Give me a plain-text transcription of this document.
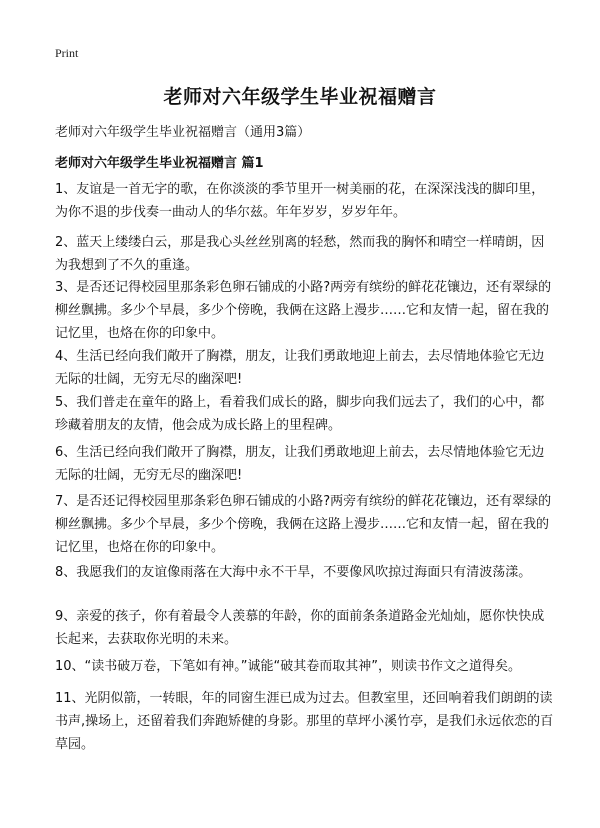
Print
老师对六年级学生毕业祝福赠言
老师对六年级学生毕业祝福赠言（通用3篇）
老师对六年级学生毕业祝福赠言 篇1

1、友谊是一首无字的歌，在你淡淡的季节里开一树美丽的花，在深深浅浅的脚印里，为你不退的步伐奏一曲动人的华尔兹。年年岁岁，岁岁年年。

2、蓝天上缕缕白云，那是我心头丝丝别离的轻愁，然而我的胸怀和晴空一样晴朗，因为我想到了不久的重逢。

3、是否还记得校园里那条彩色卵石铺成的小路?两旁有缤纷的鲜花花镶边，还有翠绿的柳丝飘拂。多少个早晨，多少个傍晚，我俩在这路上漫步……它和友情一起，留在我的记忆里，也烙在你的印象中。

4、生活已经向我们敞开了胸襟，朋友，让我们勇敢地迎上前去，去尽情地体验它无边无际的壮阔，无穷无尽的幽深吧!

5、我们普走在童年的路上，看着我们成长的路，脚步向我们远去了，我们的心中，都珍藏着朋友的友情，他会成为成长路上的里程碑。

6、生活已经向我们敞开了胸襟，朋友，让我们勇敢地迎上前去，去尽情地体验它无边无际的壮阔，无穷无尽的幽深吧!

7、是否还记得校园里那条彩色卵石铺成的小路?两旁有缤纷的鲜花花镶边，还有翠绿的柳丝飘拂。多少个早晨，多少个傍晚，我俩在这路上漫步……它和友情一起，留在我的记忆里，也烙在你的印象中。

8、我愿我们的友谊像雨落在大海中永不干旱，不要像风吹掠过海面只有清波荡漾。

9、亲爱的孩子，你有着最令人羡慕的年龄，你的面前条条道路金光灿灿，愿你快快成长起来，去获取你光明的未来。

10、“读书破万卷，下笔如有神。”诚能“破其卷而取其神”，则读书作文之道得矣。

11、光阴似箭，一转眼，年的同窗生涯已成为过去。但教室里，还回响着我们朗朗的读书声,操场上，还留着我们奔跑矫健的身影。那里的草坪小溪竹亭，是我们永远依恋的百草园。
